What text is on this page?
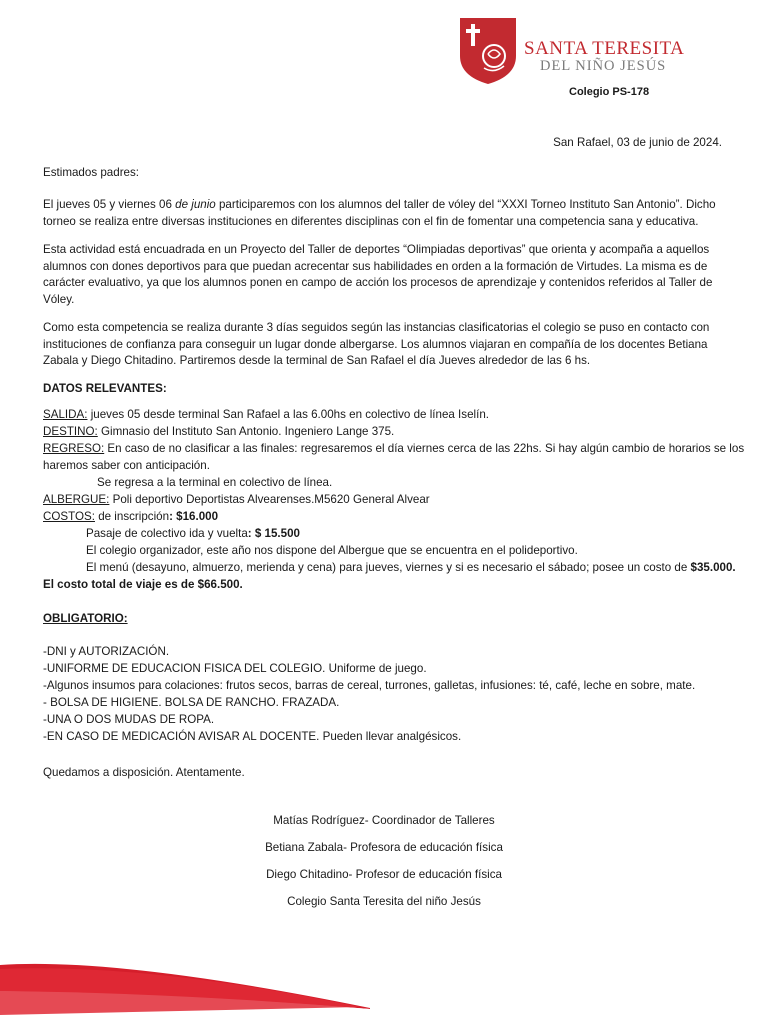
SANTA TERESITA
DEL NIÑO JESÚS
Colegio PS-178
San Rafael, 03 de junio de 2024.
Estimados padres:
El jueves 05 y viernes 06 de junio participaremos con los alumnos del taller de vóley del “XXXI Torneo Instituto San Antonio”. Dicho torneo se realiza entre diversas instituciones en diferentes disciplinas con el fin de fomentar una competencia sana y educativa.
Esta actividad está encuadrada en un Proyecto del Taller de deportes “Olimpiadas deportivas” que orienta y acompaña a aquellos alumnos con dones deportivos para que puedan acrecentar sus habilidades en orden a la formación de Virtudes. La misma es de carácter evaluativo, ya que los alumnos ponen en campo de acción los procesos de aprendizaje y contenidos referidos al Taller de Vóley.
Como esta competencia se realiza durante 3 días seguidos según las instancias clasificatorias el colegio se puso en contacto con instituciones de confianza para conseguir un lugar donde albergarse. Los alumnos viajaran en compañía de los docentes Betiana Zabala y Diego Chitadino. Partiremos desde la terminal de San Rafael el día Jueves alrededor de las 6 hs.
DATOS RELEVANTES:
SALIDA: jueves 05 desde terminal San Rafael a las 6.00hs en colectivo de línea Iselín.
DESTINO: Gimnasio del Instituto San Antonio. Ingeniero Lange 375.
REGRESO: En caso de no clasificar a las finales: regresaremos el día viernes cerca de las 22hs. Si hay algún cambio de horarios se los
haremos saber con anticipación.
Se regresa a la terminal en colectivo de línea.
ALBERGUE: Poli deportivo Deportistas Alvearenses.M5620 General Alvear
COSTOS: de inscripción: $16.000
Pasaje de colectivo ida y vuelta: $ 15.500
El colegio organizador, este año nos dispone del Albergue que se encuentra en el polideportivo.
El menú (desayuno, almuerzo, merienda y cena) para jueves, viernes y si es necesario el sábado; posee un costo de $35.000.
El costo total de viaje es de $66.500.
OBLIGATORIO:
-DNI y AUTORIZACIÓN.
-UNIFORME DE EDUCACION FISICA DEL COLEGIO. Uniforme de juego.
-Algunos insumos para colaciones: frutos secos, barras de cereal, turrones, galletas, infusiones: té, café, leche en sobre, mate.
- BOLSA DE HIGIENE. BOLSA DE RANCHO. FRAZADA.
-UNA O DOS MUDAS DE ROPA.
-EN CASO DE MEDICACIÓN AVISAR AL DOCENTE. Pueden llevar analgésicos.
Quedamos a disposición. Atentamente.
Matías Rodríguez- Coordinador de Talleres
Betiana Zabala- Profesora de educación física
Diego Chitadino- Profesor de educación física
Colegio Santa Teresita del niño Jesús
